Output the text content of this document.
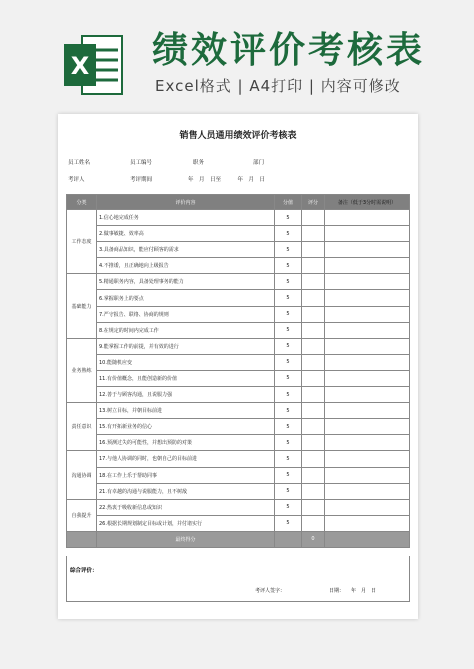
X 绩效评价考核表
Excel格式 | A4打印 | 内容可修改
销售人员通用绩效评价考核表
员工姓名	员工编号	职务	部门
考评人	考评期间	年　月　日至　　　年　月　日
分类	评价内容	分值	评分	备注（低于3分时需说明）
工作态度	1.信心地完成任务	5		
	2.做事敏捷、效率高	5		
	3.具备商品知识，能应付顾客的需求	5		
	4.不推诿，且正确地向上级报告	5		
基础能力	5.精通职务内容，具备处理事务的能力	5		
	6.掌握职务上的要点	5		
	7.严守报告、联络、协商的规则	5		
	8.在规定的时间内完成工作	5		
业务熟练	9.能掌握工作的前提，并有效的进行	5		
	10.能随机应变	5		
	11.有价值概念，且能创造新的价值	5		
	12.善于与顾客沟通，且说服力强	5		
责任意识	13.树立目标，并朝目标前进	5		
	15.有开拓新业务的信心	5		
	16.预测过失的可能性，并想出预防的对策	5		
沟通协调	17.与他人协调的同时，也朝自己的目标前进	5		
	18.在工作上乐于帮助同事	5		
	21.有卓越的沟通与说服能力，且不树敌	5		
自我提升	22.热衷于吸收新信息或知识	5		
	26.根据长期规划制定目标或计划，并付诸实行	5		
	最终得分		0	
综合评价：
考评人签字：	日期： 年　月　日
